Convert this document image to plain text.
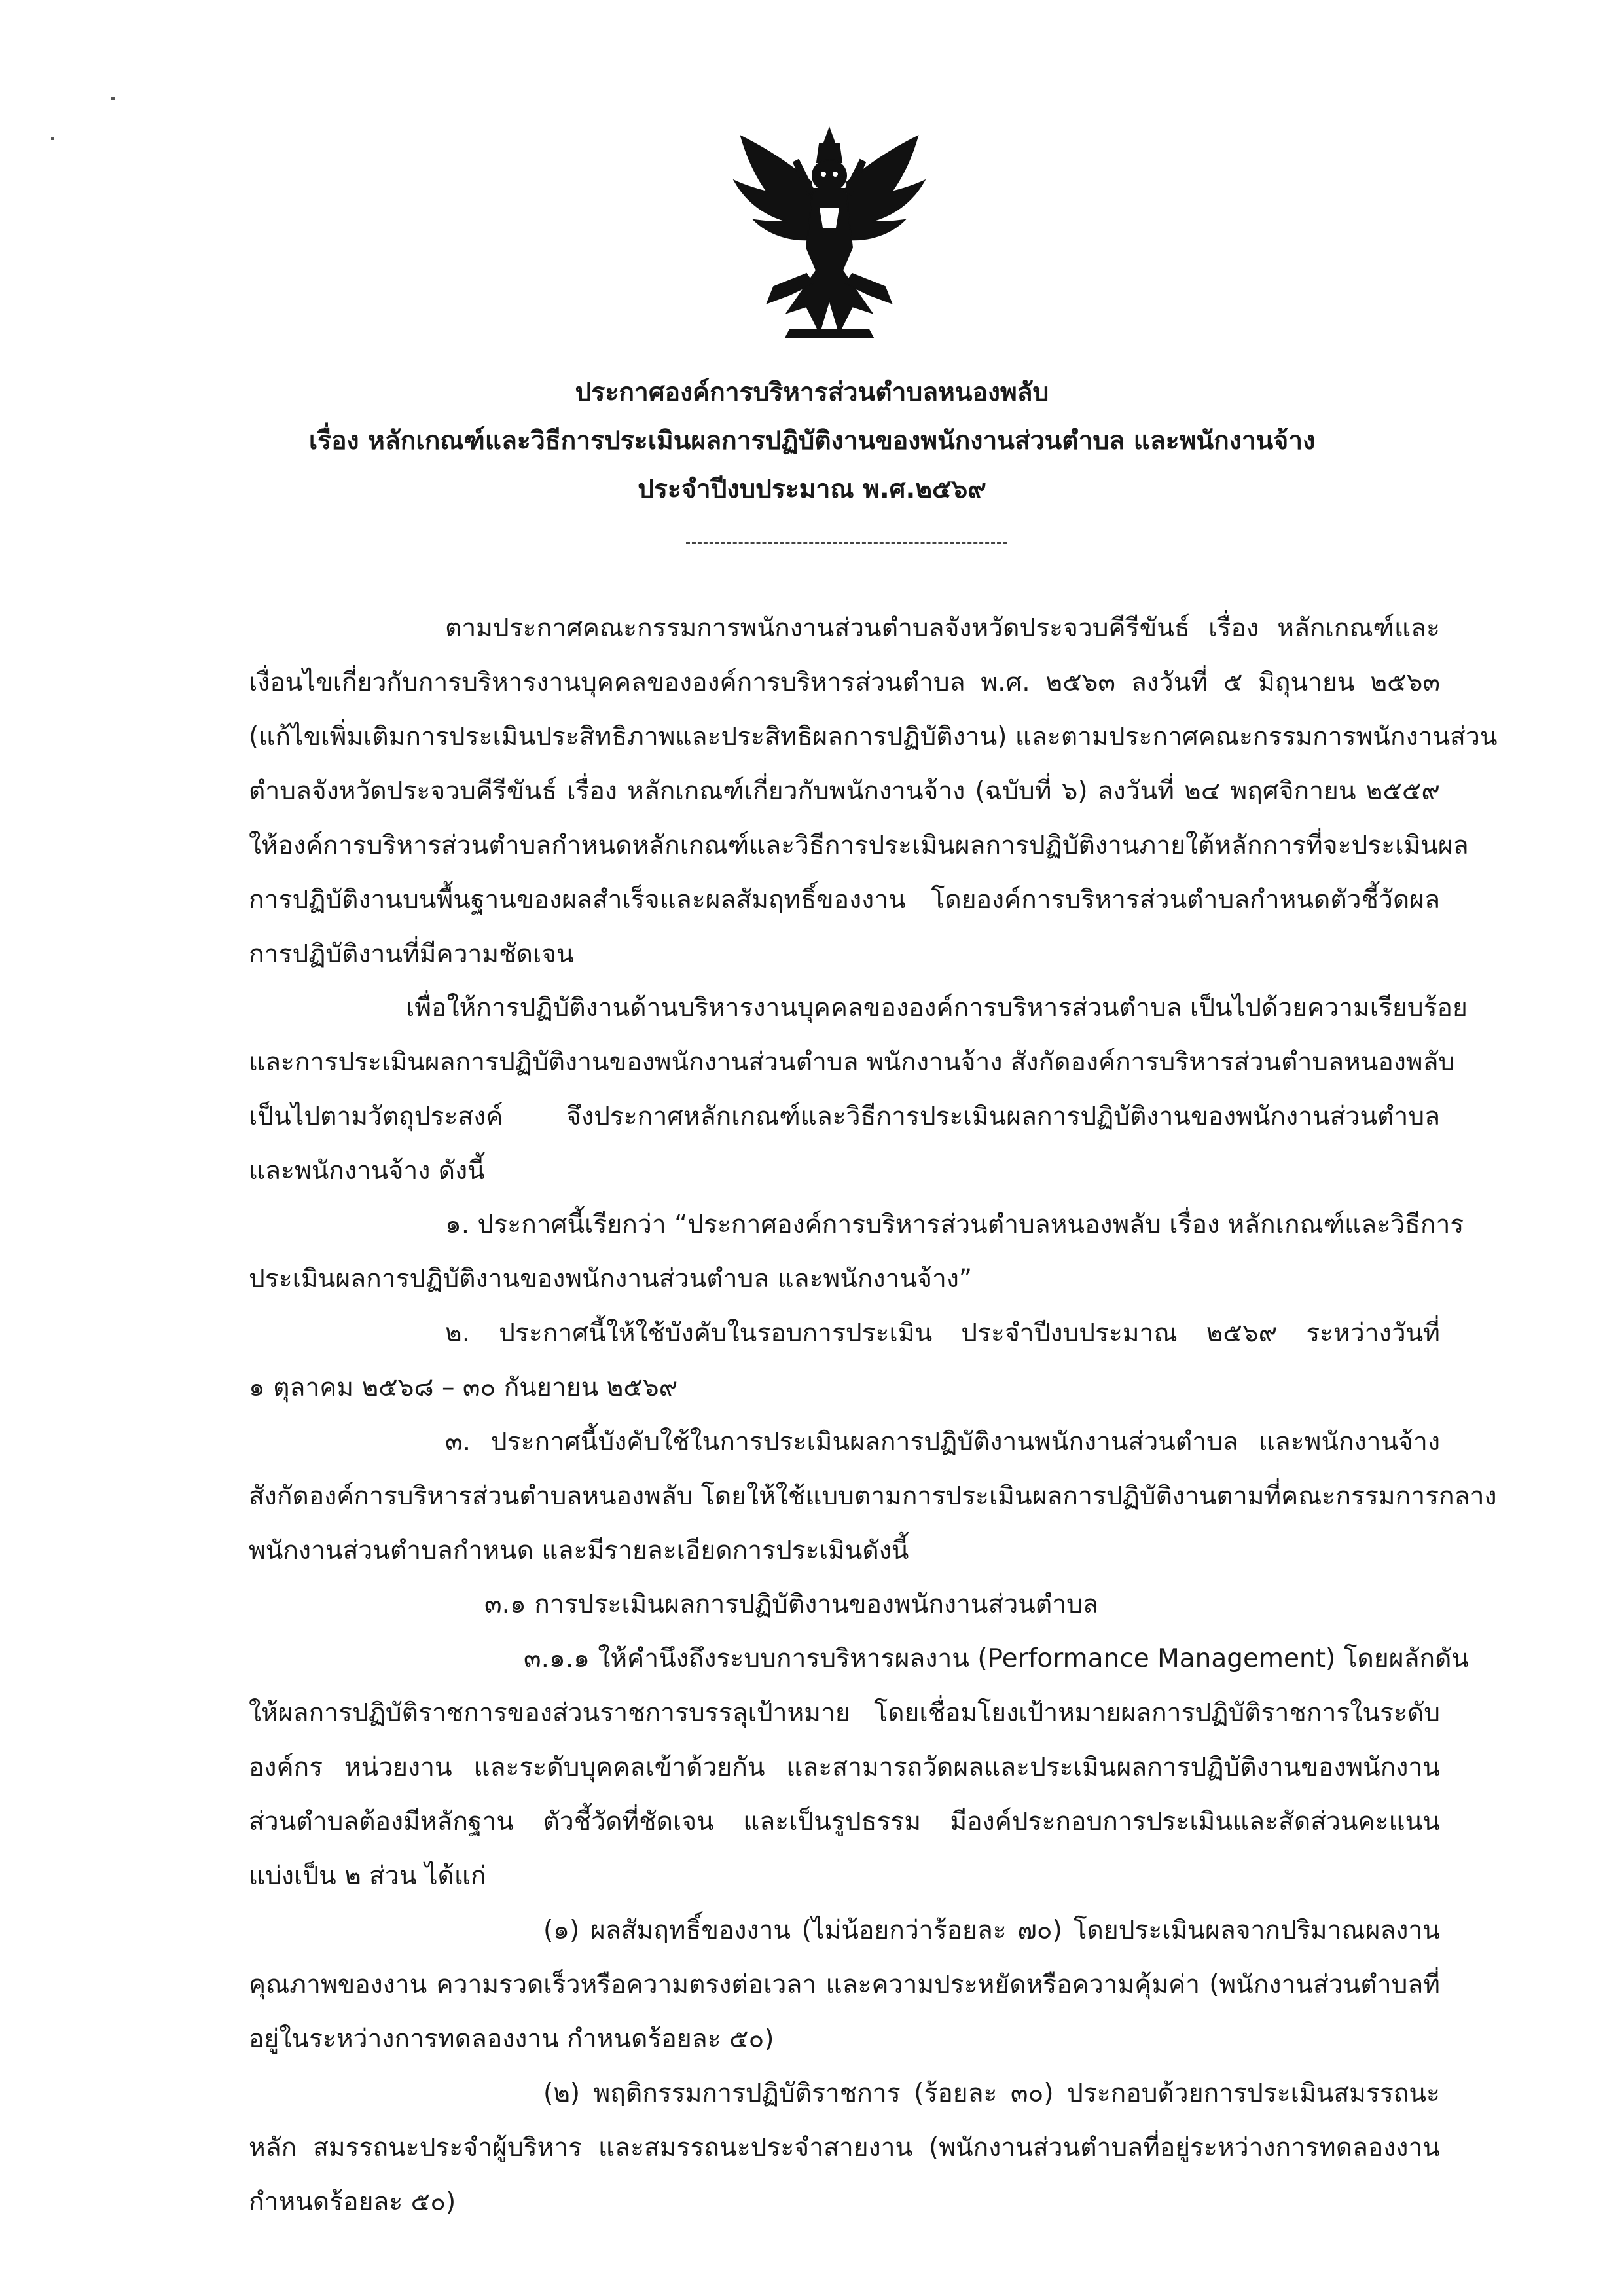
ประกาศองค์การบริหารส่วนตำบลหนองพลับ
เรื่อง หลักเกณฑ์และวิธีการประเมินผลการปฏิบัติงานของพนักงานส่วนตำบล และพนักงานจ้าง
ประจำปีงบประมาณ พ.ศ.๒๕๖๙
ตามประกาศคณะกรรมการพนักงานส่วนตำบลจังหวัดประจวบคีรีขันธ์ เรื่อง หลักเกณฑ์และ
เงื่อนไขเกี่ยวกับการบริหารงานบุคคลขององค์การบริหารส่วนตำบล พ.ศ. ๒๕๖๓ ลงวันที่ ๕ มิถุนายน ๒๕๖๓
(แก้ไขเพิ่มเติมการประเมินประสิทธิภาพและประสิทธิผลการปฏิบัติงาน) และตามประกาศคณะกรรมการพนักงานส่วน
ตำบลจังหวัดประจวบคีรีขันธ์ เรื่อง หลักเกณฑ์เกี่ยวกับพนักงานจ้าง (ฉบับที่ ๖) ลงวันที่ ๒๔ พฤศจิกายน ๒๕๕๙
ให้องค์การบริหารส่วนตำบลกำหนดหลักเกณฑ์และวิธีการประเมินผลการปฏิบัติงานภายใต้หลักการที่จะประเมินผล
การปฏิบัติงานบนพื้นฐานของผลสำเร็จและผลสัมฤทธิ์ของงาน โดยองค์การบริหารส่วนตำบลกำหนดตัวชี้วัดผล
การปฏิบัติงานที่มีความชัดเจน
เพื่อให้การปฏิบัติงานด้านบริหารงานบุคคลขององค์การบริหารส่วนตำบล เป็นไปด้วยความเรียบร้อย
และการประเมินผลการปฏิบัติงานของพนักงานส่วนตำบล พนักงานจ้าง สังกัดองค์การบริหารส่วนตำบลหนองพลับ
เป็นไปตามวัตถุประสงค์ จึงประกาศหลักเกณฑ์และวิธีการประเมินผลการปฏิบัติงานของพนักงานส่วนตำบล
และพนักงานจ้าง ดังนี้
๑. ประกาศนี้เรียกว่า “ประกาศองค์การบริหารส่วนตำบลหนองพลับ เรื่อง หลักเกณฑ์และวิธีการ
ประเมินผลการปฏิบัติงานของพนักงานส่วนตำบล และพนักงานจ้าง”
๒. ประกาศนี้ให้ใช้บังคับในรอบการประเมิน ประจำปีงบประมาณ ๒๕๖๙ ระหว่างวันที่
๑ ตุลาคม ๒๕๖๘ – ๓๐ กันยายน ๒๕๖๙
๓. ประกาศนี้บังคับใช้ในการประเมินผลการปฏิบัติงานพนักงานส่วนตำบล และพนักงานจ้าง
สังกัดองค์การบริหารส่วนตำบลหนองพลับ โดยให้ใช้แบบตามการประเมินผลการปฏิบัติงานตามที่คณะกรรมการกลาง
พนักงานส่วนตำบลกำหนด และมีรายละเอียดการประเมินดังนี้
๓.๑ การประเมินผลการปฏิบัติงานของพนักงานส่วนตำบล
๓.๑.๑ ให้คำนึงถึงระบบการบริหารผลงาน (Performance Management) โดยผลักดัน
ให้ผลการปฏิบัติราชการของส่วนราชการบรรลุเป้าหมาย โดยเชื่อมโยงเป้าหมายผลการปฏิบัติราชการในระดับ
องค์กร หน่วยงาน และระดับบุคคลเข้าด้วยกัน และสามารถวัดผลและประเมินผลการปฏิบัติงานของพนักงาน
ส่วนตำบลต้องมีหลักฐาน ตัวชี้วัดที่ชัดเจน และเป็นรูปธรรม มีองค์ประกอบการประเมินและสัดส่วนคะแนน
แบ่งเป็น ๒ ส่วน ได้แก่
(๑) ผลสัมฤทธิ์ของงาน (ไม่น้อยกว่าร้อยละ ๗๐) โดยประเมินผลจากปริมาณผลงาน
คุณภาพของงาน ความรวดเร็วหรือความตรงต่อเวลา และความประหยัดหรือความคุ้มค่า (พนักงานส่วนตำบลที่
อยู่ในระหว่างการทดลองงาน กำหนดร้อยละ ๕๐)
(๒) พฤติกรรมการปฏิบัติราชการ (ร้อยละ ๓๐) ประกอบด้วยการประเมินสมรรถนะ
หลัก สมรรถนะประจำผู้บริหาร และสมรรถนะประจำสายงาน (พนักงานส่วนตำบลที่อยู่ระหว่างการทดลองงาน
กำหนดร้อยละ ๕๐)
